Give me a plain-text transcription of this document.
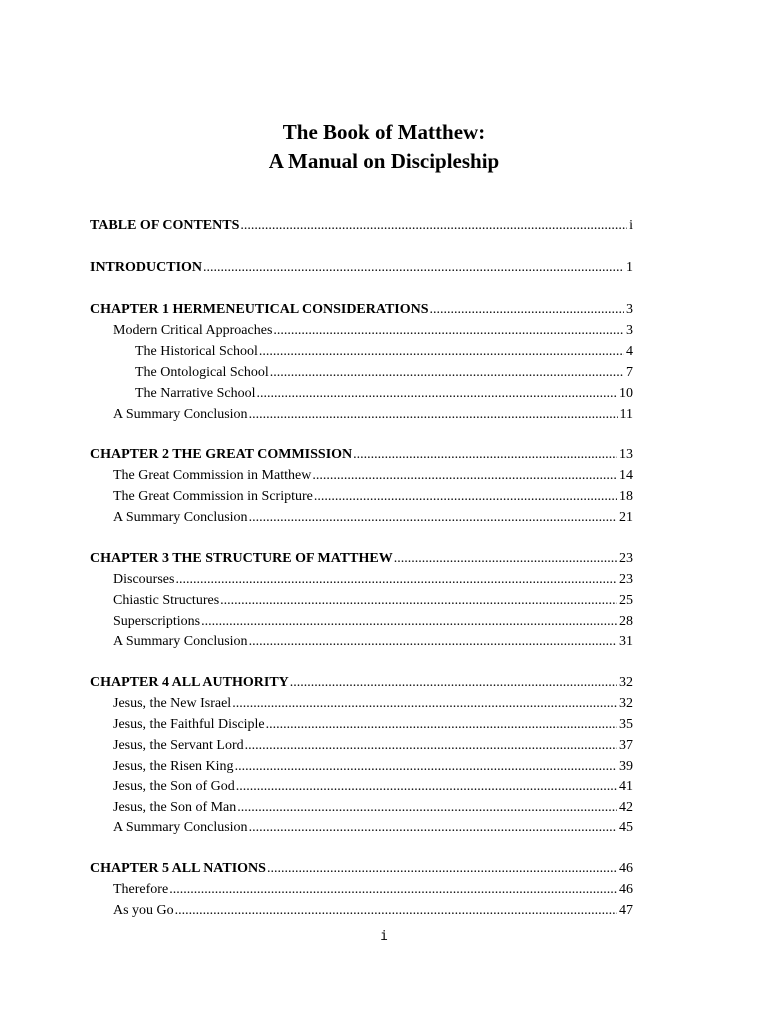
The Book of Matthew:
A Manual on Discipleship
TABLE OF CONTENTS .....	i
INTRODUCTION .....	1
CHAPTER 1 HERMENEUTICAL CONSIDERATIONS .....	3
Modern Critical Approaches .....	3
The Historical School .....	4
The Ontological School .....	7
The Narrative School .....	10
A Summary Conclusion .....	11
CHAPTER 2 THE GREAT COMMISSION .....	13
The Great Commission in Matthew .....	14
The Great Commission in Scripture .....	18
A Summary Conclusion .....	21
CHAPTER 3 THE STRUCTURE OF MATTHEW .....	23
Discourses .....	23
Chiastic Structures .....	25
Superscriptions .....	28
A Summary Conclusion .....	31
CHAPTER 4 ALL AUTHORITY .....	32
Jesus, the New Israel .....	32
Jesus, the Faithful Disciple .....	35
Jesus, the Servant Lord .....	37
Jesus, the Risen King .....	39
Jesus, the Son of God .....	41
Jesus, the Son of Man .....	42
A Summary Conclusion .....	45
CHAPTER 5 ALL NATIONS .....	46
Therefore .....	46
As you Go .....	47
i
